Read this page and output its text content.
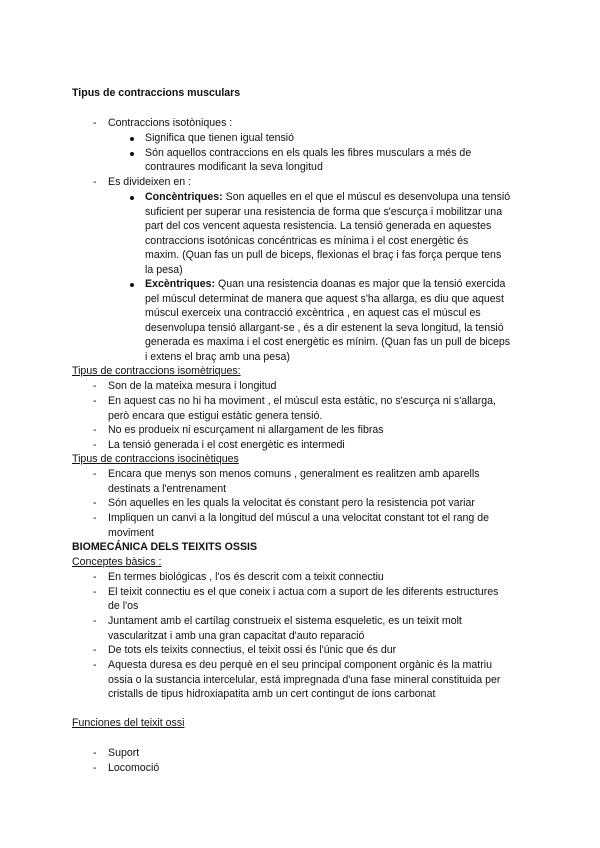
Tipus de contraccions musculars
- Contraccions isotòniques :
Significa que tienen igual tensió
Són aquellos contraccions en els quals les fibres musculars a més de
contraures modificant la seva longitud
- Es divideixen en :
Concèntriques: Son aquelles en el que el múscul es desenvolupa una tensió
suficient per superar una resistencia de forma que s'escurça i mobilitzar una
part del cos vencent aquesta resistencia. La tensió generada en aquestes
contraccions isotónicas concéntricas es mínima i el cost energètic és
maxim. (Quan fas un pull de biceps, flexionas el braç i fas força perque tens
la pesa)
Excèntriques: Quan una resistencia doanas es major que la tensió exercida
pel múscul determinat de manera que aquest s'ha allarga, es diu que aquest
múscul exerceix una contracció excèntrica , en aquest cas el múscul es
desenvolupa tensió allargant-se , és a dir estenent la seva longitud, la tensió
generada es maxima i el cost energètic es mínim. (Quan fas un pull de biceps
i extens el braç amb una pesa)
Tipus de contraccions isomètriques:
- Son de la mateixa mesura i longitud
- En aquest cas no hi ha moviment , el múscul esta estàtic, no s'escurça ni s'allarga,
però encara que estigui estàtic genera tensió.
- No es produeix ni escurçament ni allargament de les fibras
- La tensió generada i el cost energètic es intermedi
Tipus de contraccions isocinètiques
- Encara que menys son menos comuns , generalment es realitzen amb aparells
destinats a l'entrenament
- Són aquelles en les quals la velocitat és constant pero la resistencia pot variar
- Impliquen un canvi a la longitud del múscul a una velocitat constant tot el rang de
moviment
BIOMECÁNICA DELS TEIXITS OSSIS
Conceptes bàsics :
- En termes biológicas , l'os és descrit com a teixit connectiu
- El teixit connectiu es el que coneix i actua com a suport de les diferents estructures
de l'os
- Juntament amb el cartílag construeix el sistema esqueletic, es un teixit molt
vascularitzat i amb una gran capacitat d'auto reparació
- De tots els teixits connectius, el teixit ossi és l'únic que és dur
- Aquesta duresa es deu perquè en el seu principal component orgànic és la matriu
ossia o la sustancia intercelular, está impregnada d'una fase mineral constituida per
cristalls de tipus hidroxiapatita amb un cert contingut de ions carbonat
Funciones del teixit ossi
- Suport
- Locomoció
